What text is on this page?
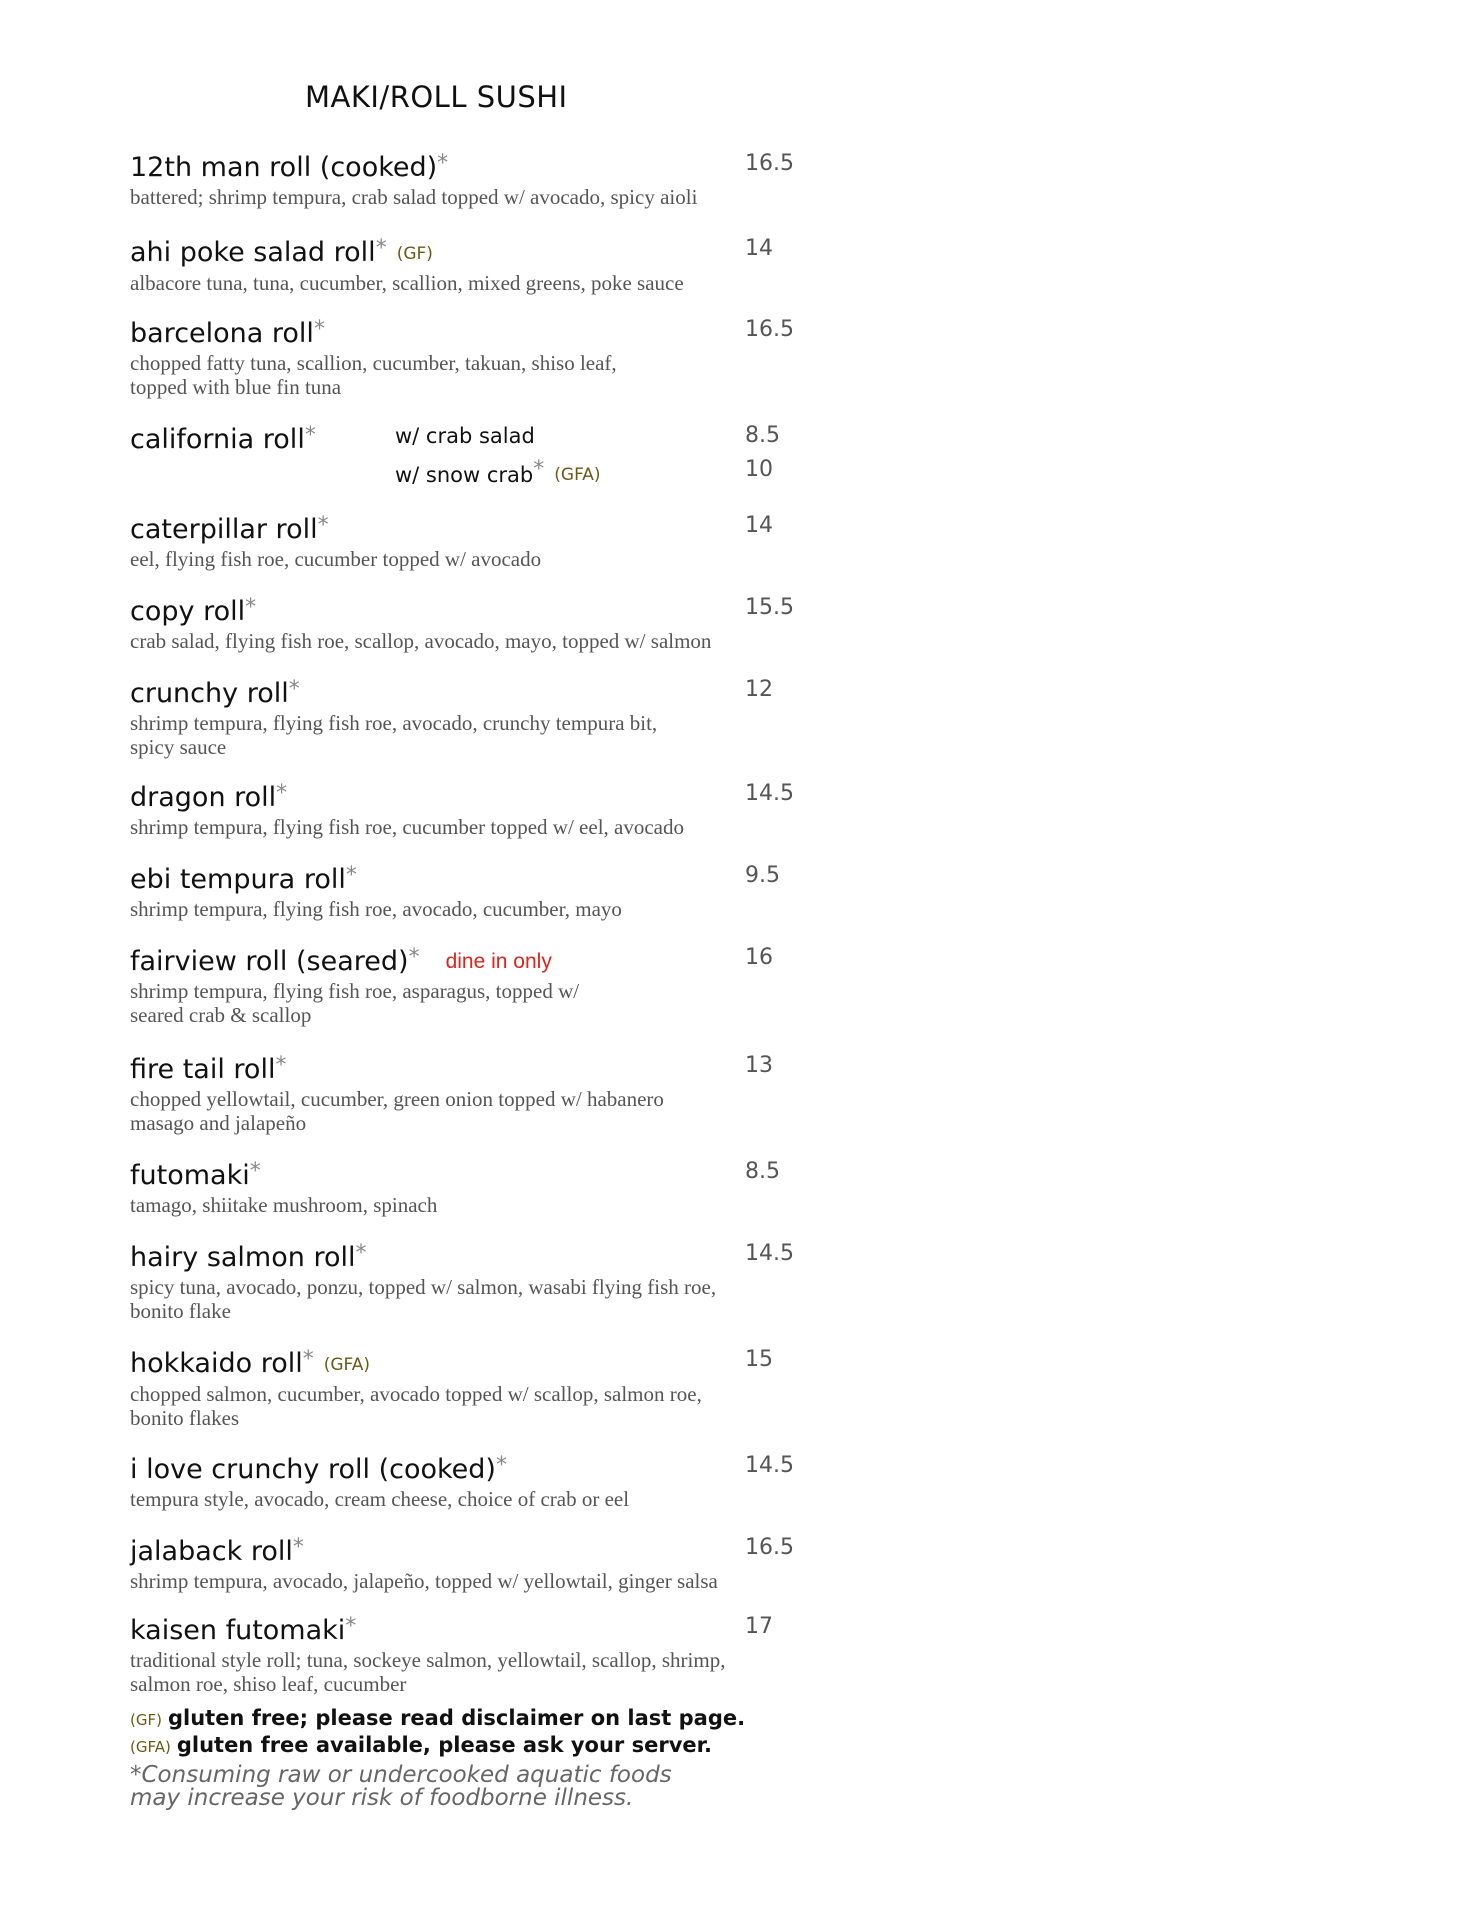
MAKI/ROLL SUSHI
12th man roll (cooked)*	16.5
battered; shrimp tempura, crab salad topped w/ avocado, spicy aioli
ahi poke salad roll* (GF)	14
albacore tuna, tuna, cucumber, scallion, mixed greens, poke sauce
barcelona roll*	16.5
chopped fatty tuna, scallion, cucumber, takuan, shiso leaf,
topped with blue fin tuna
california roll*	w/ crab salad	8.5
w/ snow crab* (GFA)	10
caterpillar roll*	14
eel, flying fish roe, cucumber topped w/ avocado
copy roll*	15.5
crab salad, flying fish roe, scallop, avocado, mayo, topped w/ salmon
crunchy roll*	12
shrimp tempura, flying fish roe, avocado, crunchy tempura bit,
spicy sauce
dragon roll*	14.5
shrimp tempura, flying fish roe, cucumber topped w/ eel, avocado
ebi tempura roll*	9.5
shrimp tempura, flying fish roe, avocado, cucumber, mayo
fairview roll (seared)* dine in only	16
shrimp tempura, flying fish roe, asparagus, topped w/
seared crab & scallop
fire tail roll*	13
chopped yellowtail, cucumber, green onion topped w/ habanero
masago and jalapeño
futomaki*	8.5
tamago, shiitake mushroom, spinach
hairy salmon roll*	14.5
spicy tuna, avocado, ponzu, topped w/ salmon, wasabi flying fish roe,
bonito flake
hokkaido roll* (GFA)	15
chopped salmon, cucumber, avocado topped w/ scallop, salmon roe,
bonito flakes
i love crunchy roll (cooked)*	14.5
tempura style, avocado, cream cheese, choice of crab or eel
jalaback roll*	16.5
shrimp tempura, avocado, jalapeño, topped w/ yellowtail, ginger salsa
kaisen futomaki*	17
traditional style roll; tuna, sockeye salmon, yellowtail, scallop, shrimp,
salmon roe, shiso leaf, cucumber
(GF) gluten free; please read disclaimer on last page.
(GFA) gluten free available, please ask your server.
*Consuming raw or undercooked aquatic foods
may increase your risk of foodborne illness.
